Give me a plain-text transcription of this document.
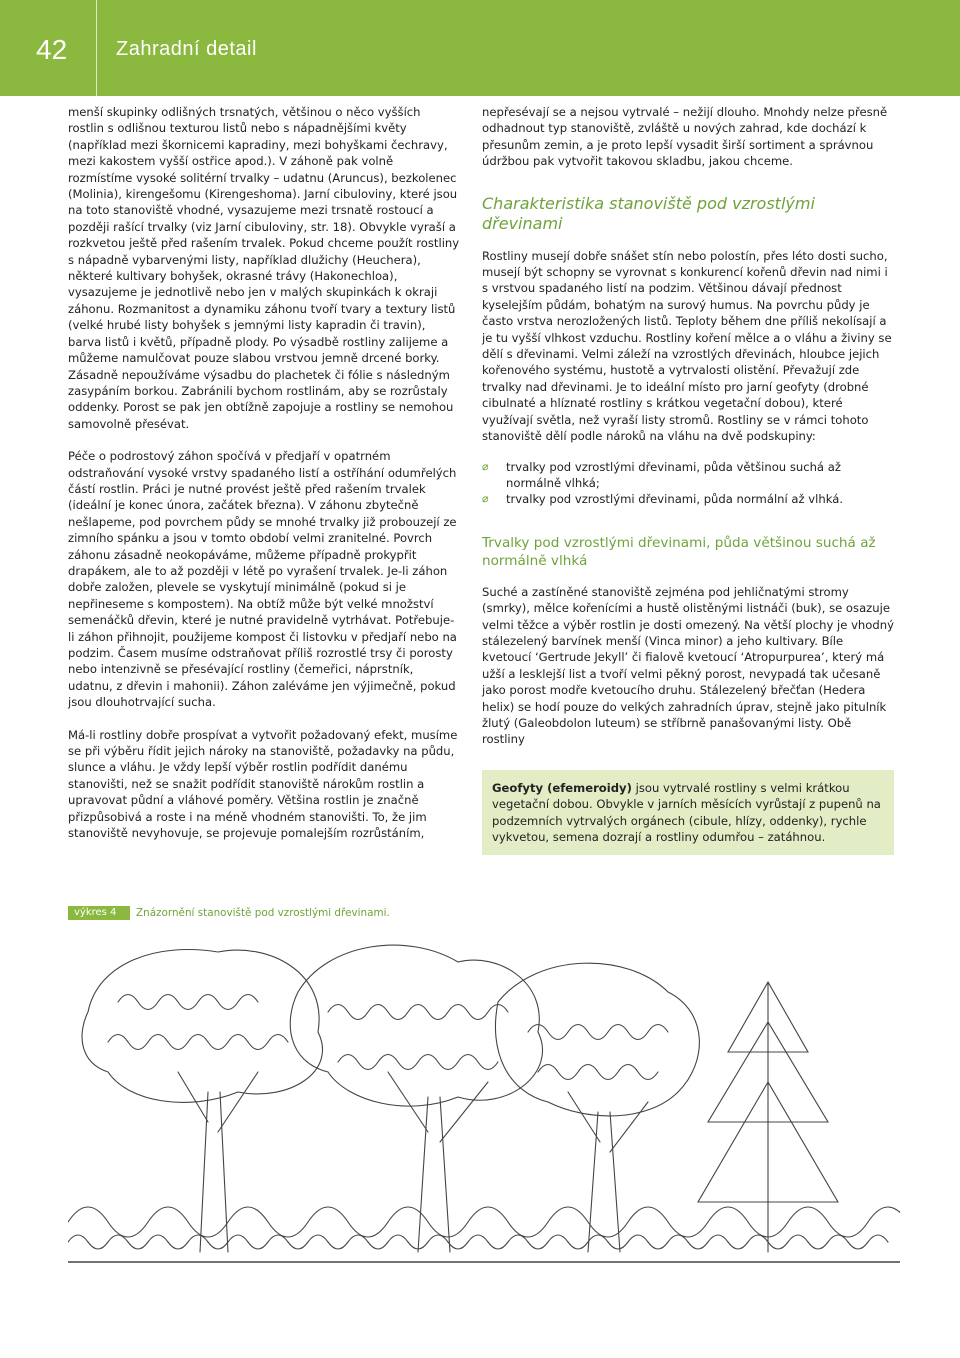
42 Zahradní detail

menší skupinky odlišných trsnatých, většinou o něco vyšších rostlin s odlišnou texturou listů nebo s nápadnějšími květy (například mezi škornicemi kapradiny, mezi bohyškami čechravy, mezi kakostem vyšší ostřice apod.). V záhoně pak volně rozmístíme vysoké solitérní trvalky – udatnu (Aruncus), bezkolenec (Molinia), kirengešomu (Kirengeshoma). Jarní cibuloviny, které jsou na toto stanoviště vhodné, vysazujeme mezi trsnatě rostoucí a později rašící trvalky (viz Jarní cibuloviny, str. 18). Obvykle vyraší a rozkvetou ještě před rašením trvalek. Pokud chceme použít rostliny s nápadně vybarvenými listy, například dlužichy (Heuchera), některé kultivary bohyšek, okrasné trávy (Hakonechloa), vysazujeme je jednotlivě nebo jen v malých skupinkách k okraji záhonu. Rozmanitost a dynamiku záhonu tvoří tvary a textury listů (velké hrubé listy bohyšek s jemnými listy kapradin či travin), barva listů i květů, případně plody. Po výsadbě rostliny zalijeme a můžeme namulčovat pouze slabou vrstvou jemně drcené borky. Zásadně nepoužíváme výsadbu do plachetek či fólie s následným zasypáním borkou. Zabránili bychom rostlinám, aby se rozrůstaly oddenky. Porost se pak jen obtížně zapojuje a rostliny se nemohou samovolně přesévat.

Péče o podrostový záhon spočívá v předjaří v opatrném odstraňování vysoké vrstvy spadaného listí a ostříhání odumřelých částí rostlin. Práci je nutné provést ještě před rašením trvalek (ideální je konec února, začátek března). V záhonu zbytečně nešlapeme, pod povrchem půdy se mnohé trvalky již probouzejí ze zimního spánku a jsou v tomto období velmi zranitelné. Povrch záhonu zásadně neokopáváme, můžeme případně prokypřit drapákem, ale to až později v létě po vyrašení trvalek. Je-li záhon dobře založen, plevele se vyskytují minimálně (pokud si je nepřineseme s kompostem). Na obtíž může být velké množství semenáčků dřevin, které je nutné pravidelně vytrhávat. Potřebuje-li záhon přihnojit, použijeme kompost či listovku v předjaří nebo na podzim. Časem musíme odstraňovat příliš rozrostlé trsy či porosty nebo intenzivně se přesévající rostliny (čemeřici, náprstník, udatnu, z dřevin i mahonii). Záhon zaléváme jen výjimečně, pokud jsou dlouhotrvající sucha.

Má-li rostliny dobře prospívat a vytvořit požadovaný efekt, musíme se při výběru řídit jejich nároky na stanoviště, požadavky na půdu, slunce a vláhu. Je vždy lepší výběr rostlin podřídit danému stanovišti, než se snažit podřídit stanoviště nárokům rostlin a upravovat půdní a vláhové poměry. Většina rostlin je značně přizpůsobivá a roste i na méně vhodném stanovišti. To, že jim stanoviště nevyhovuje, se projevuje pomalejším rozrůstáním,

nepřesévají se a nejsou vytrvalé – nežijí dlouho. Mnohdy nelze přesně odhadnout typ stanoviště, zvláště u nových zahrad, kde dochází k přesunům zemin, a je proto lepší vysadit širší sortiment a správnou údržbou pak vytvořit takovou skladbu, jakou chceme.

Charakteristika stanoviště pod vzrostlými dřevinami

Rostliny musejí dobře snášet stín nebo polostín, přes léto dosti sucho, musejí být schopny se vyrovnat s konkurencí kořenů dřevin nad nimi i s vrstvou spadaného listí na podzim. Většinou dávají přednost kyselejším půdám, bohatým na surový humus. Na povrchu půdy je často vrstva nerozložených listů. Teploty během dne příliš nekolísají a je tu vyšší vlhkost vzduchu. Rostliny koření mělce a o vláhu a živiny se dělí s dřevinami. Velmi záleží na vzrostlých dřevinách, hloubce jejich kořenového systému, hustotě a vytrvalosti olistění. Převažují zde trvalky nad dřevinami. Je to ideální místo pro jarní geofyty (drobné cibulnaté a hlíznaté rostliny s krátkou vegetační dobou), které využívají světla, než vyraší listy stromů. Rostliny se v rámci tohoto stanoviště dělí podle nároků na vláhu na dvě podskupiny:

⌀ trvalky pod vzrostlými dřevinami, půda většinou suchá až normálně vlhká;
⌀ trvalky pod vzrostlými dřevinami, půda normální až vlhká.
Trvalky pod vzrostlými dřevinami, půda většinou suchá až normálně vlhká

Suché a zastíněné stanoviště zejména pod jehličnatými stromy (smrky), mělce kořenícími a hustě olistěnými listnáči (buk), se osazuje velmi těžce a výběr rostlin je dosti omezený. Na větší plochy je vhodný stálezelený barvínek menší (Vinca minor) a jeho kultivary. Bíle kvetoucí ‘Gertrude Jekyll’ či fialově kvetoucí ‘Atropurpurea’, který má užší a lesklejší list a tvoří velmi pěkný porost, nevypadá tak učesaně jako porost modře kvetoucího druhu. Stálezelený břečťan (Hedera helix) se hodí pouze do velkých zahradních úprav, stejně jako pitulník žlutý (Galeobdolon luteum) se stříbrně panašovanými listy. Obě rostliny

Geofyty (efemeroidy) jsou vytrvalé rostliny s velmi krátkou vegetační dobou. Obvykle v jarních měsících vyrůstají z pupenů na podzemních vytrvalých orgánech (cibule, hlízy, oddenky), rychle vykvetou, semena dozrají a rostliny odumřou – zatáhnou.
výkres 4	Znázornění stanoviště pod vzrostlými dřevinami.
